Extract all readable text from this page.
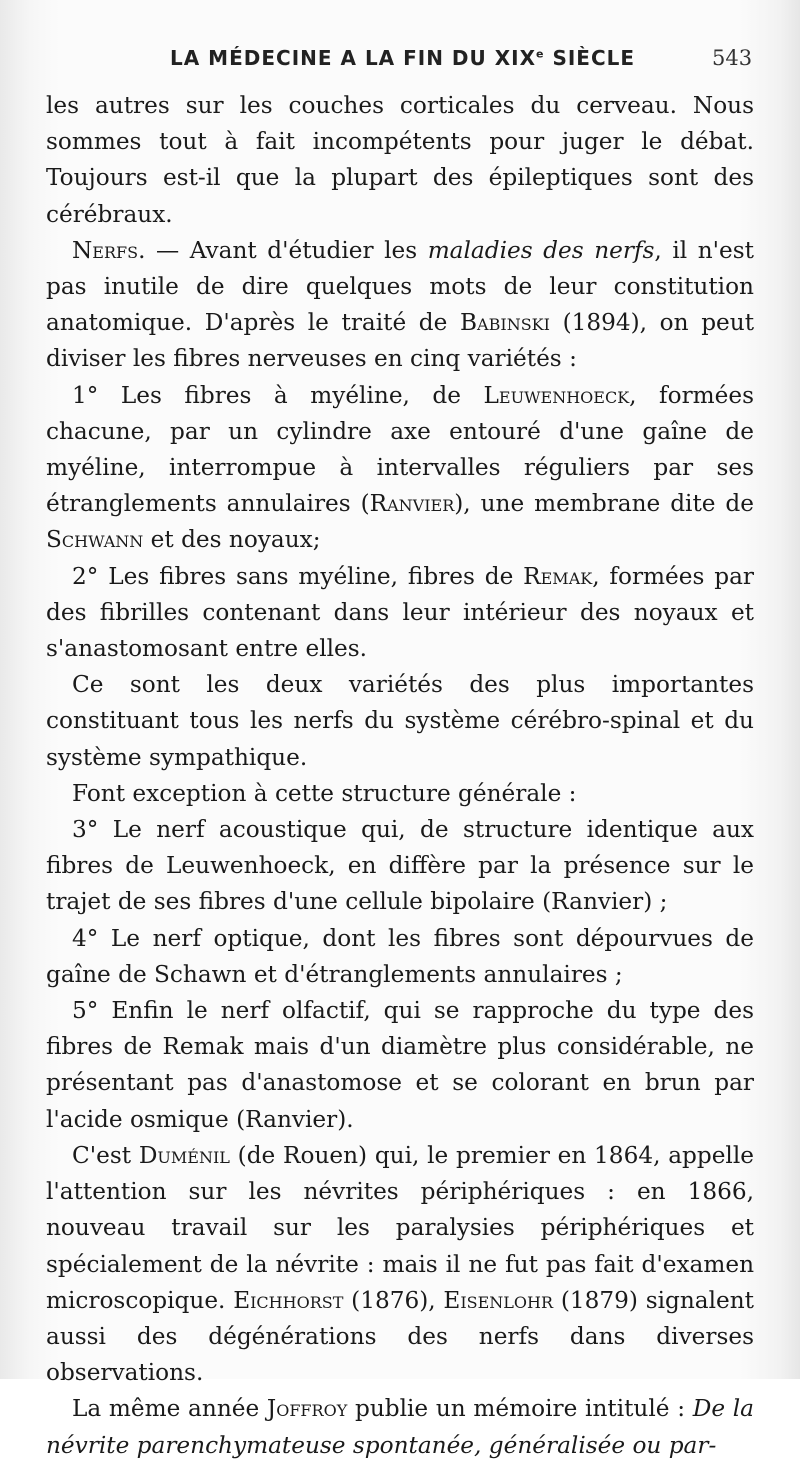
LA MÉDECINE A LA FIN DU XIXe SIÈCLE	543

les autres sur les couches corticales du cerveau. Nous sommes tout à fait incompétents pour juger le débat. Toujours est-il que la plupart des épileptiques sont des cérébraux.

Nerfs. — Avant d'étudier les maladies des nerfs, il n'est pas inutile de dire quelques mots de leur constitution anatomique. D'après le traité de Babinski (1894), on peut diviser les fibres nerveuses en cinq variétés :

1° Les fibres à myéline, de Leuwenhoeck, formées chacune, par un cylindre axe entouré d'une gaîne de myéline, interrompue à intervalles réguliers par ses étranglements annulaires (Ranvier), une membrane dite de Schwann et des noyaux;

2° Les fibres sans myéline, fibres de Remak, formées par des fibrilles contenant dans leur intérieur des noyaux et s'anastomosant entre elles.

Ce sont les deux variétés des plus importantes constituant tous les nerfs du système cérébro-spinal et du système sympathique.

Font exception à cette structure générale :

3° Le nerf acoustique qui, de structure identique aux fibres de Leuwenhoeck, en diffère par la présence sur le trajet de ses fibres d'une cellule bipolaire (Ranvier) ;

4° Le nerf optique, dont les fibres sont dépourvues de gaîne de Schawn et d'étranglements annulaires ;

5° Enfin le nerf olfactif, qui se rapproche du type des fibres de Remak mais d'un diamètre plus considérable, ne présentant pas d'anastomose et se colorant en brun par l'acide osmique (Ranvier).

C'est Duménil (de Rouen) qui, le premier en 1864, appelle l'attention sur les névrites périphériques : en 1866, nouveau travail sur les paralysies périphériques et spécialement de la névrite : mais il ne fut pas fait d'examen microscopique. Eichhorst (1876), Eisenlohr (1879) signalent aussi des dégénérations des nerfs dans diverses observations.

La même année Joffroy publie un mémoire intitulé : De la névrite parenchymateuse spontanée, généralisée ou par-
